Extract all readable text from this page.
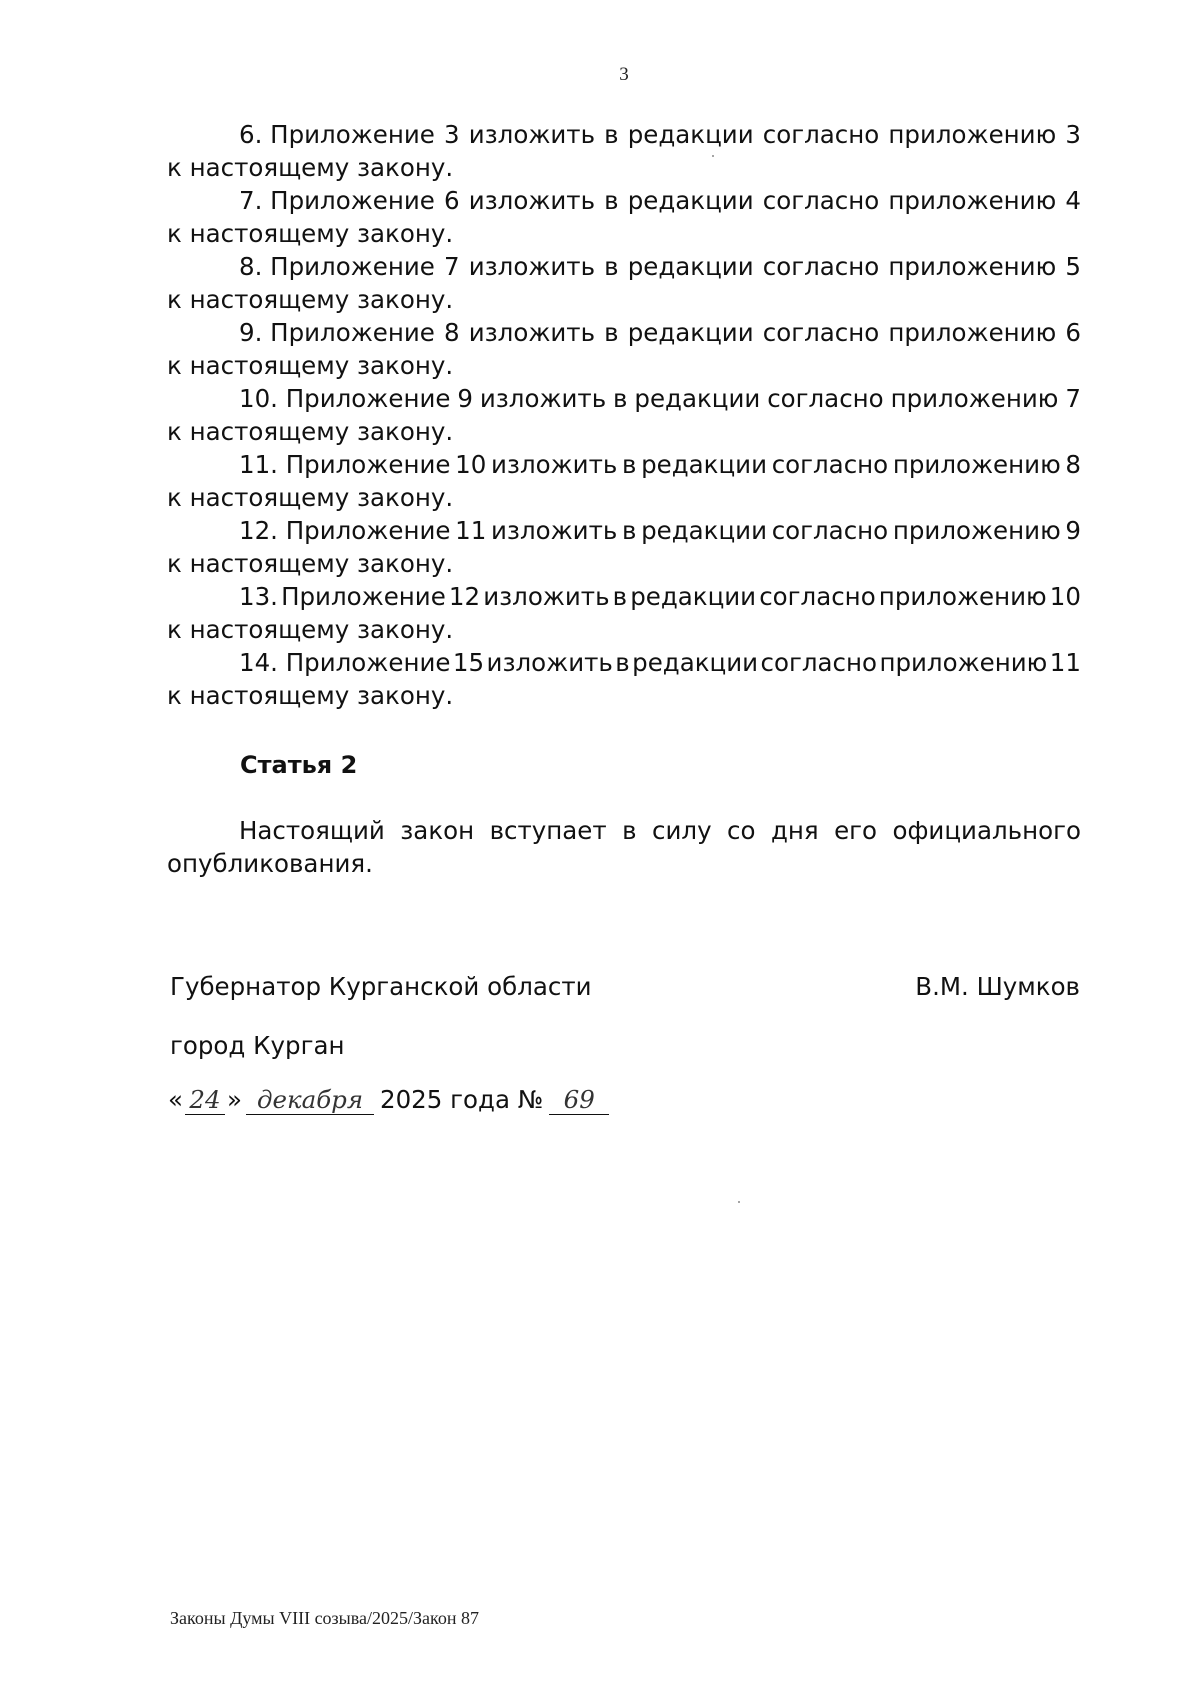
3
6. Приложение 3 изложить в редакции согласно приложению 3
к настоящему закону.
7. Приложение 6 изложить в редакции согласно приложению 4
к настоящему закону.
8. Приложение 7 изложить в редакции согласно приложению 5
к настоящему закону.
9. Приложение 8 изложить в редакции согласно приложению 6
к настоящему закону.
10. Приложение 9 изложить в редакции согласно приложению 7
к настоящему закону.
11. Приложение 10 изложить в редакции согласно приложению 8
к настоящему закону.
12. Приложение 11 изложить в редакции согласно приложению 9
к настоящему закону.
13. Приложение 12 изложить в редакции согласно приложению 10
к настоящему закону.
14. Приложение 15 изложить в редакции согласно приложению 11
к настоящему закону.
Статья 2
Настоящий закон вступает в силу со дня его официального
опубликования.
Губернатор Курганской области	В.М. Шумков
город Курган
« 24 » декабря 2025 года № 69
Законы Думы VIII созыва/2025/Закон 87
